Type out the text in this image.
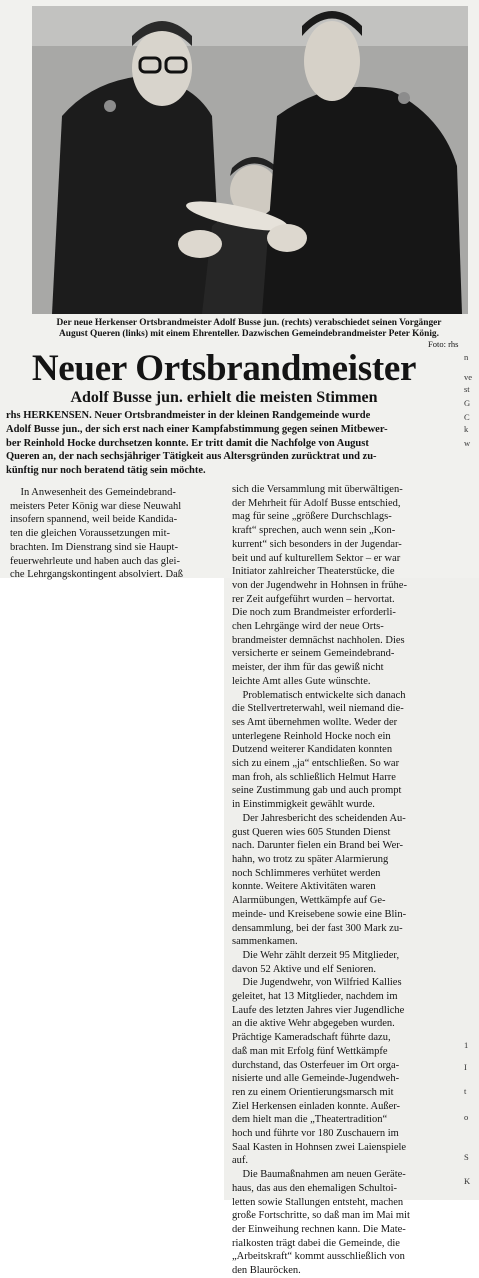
Der neue Herkenser Ortsbrandmeister Adolf Busse jun. (rechts) verabschiedet seinen Vorgänger
August Queren (links) mit einem Ehrenteller. Dazwischen Gemeindebrandmeister Peter König.
Foto: rhs
Neuer Ortsbrandmeister
Adolf Busse jun. erhielt die meisten Stimmen
rhs HERKENSEN. Neuer Ortsbrandmeister in der kleinen Randgemeinde wurde
Adolf Busse jun., der sich erst nach einer Kampfabstimmung gegen seinen Mitbewer-
ber Reinhold Hocke durchsetzen konnte. Er tritt damit die Nachfolge von August
Queren an, der nach sechsjähriger Tätigkeit aus Altersgründen zurücktrat und zu-
künftig nur noch beratend tätig sein möchte.
In Anwesenheit des Gemeindebrand-
meisters Peter König war diese Neuwahl
insofern spannend, weil beide Kandida-
ten die gleichen Voraussetzungen mit-
brachten. Im Dienstrang sind sie Haupt-
feuerwehrleute und haben auch das glei-
che Lehrgangskontingent absolviert. Daß
sich die Versammlung mit überwältigen-
der Mehrheit für Adolf Busse entschied,
mag für seine „größere Durchschlags-
kraft“ sprechen, auch wenn sein „Kon-
kurrent“ sich besonders in der Jugendar-
beit und auf kulturellem Sektor – er war
Initiator zahlreicher Theaterstücke, die
von der Jugendwehr in Hohnsen in frühe-
rer Zeit aufgeführt wurden – hervortat.
Die noch zum Brandmeister erforderli-
chen Lehrgänge wird der neue Orts-
brandmeister demnächst nachholen. Dies
versicherte er seinem Gemeindebrand-
meister, der ihm für das gewiß nicht
leichte Amt alles Gute wünschte.
Problematisch entwickelte sich danach
die Stellvertreterwahl, weil niemand die-
ses Amt übernehmen wollte. Weder der
unterlegene Reinhold Hocke noch ein
Dutzend weiterer Kandidaten konnten
sich zu einem „ja“ entschließen. So war
man froh, als schließlich Helmut Harre
seine Zustimmung gab und auch prompt
in Einstimmigkeit gewählt wurde.
Der Jahresbericht des scheidenden Au-
gust Queren wies 605 Stunden Dienst
nach. Darunter fielen ein Brand bei Wer-
hahn, wo trotz zu später Alarmierung
noch Schlimmeres verhütet werden
konnte. Weitere Aktivitäten waren
Alarmübungen, Wettkämpfe auf Ge-
meinde- und Kreisebene sowie eine Blin-
densammlung, bei der fast 300 Mark zu-
sammenkamen.
Die Wehr zählt derzeit 95 Mitglieder,
davon 52 Aktive und elf Senioren.
Die Jugendwehr, von Wilfried Kallies
geleitet, hat 13 Mitglieder, nachdem im
Laufe des letzten Jahres vier Jugendliche
an die aktive Wehr abgegeben wurden.
Prächtige Kameradschaft führte dazu,
daß man mit Erfolg fünf Wettkämpfe
durchstand, das Osterfeuer im Ort orga-
nisierte und alle Gemeinde-Jugendweh-
ren zu einem Orientierungsmarsch mit
Ziel Herkensen einladen konnte. Außer-
dem hielt man die „Theatertradition“
hoch und führte vor 180 Zuschauern im
Saal Kasten in Hohnsen zwei Laienspiele
auf.
Die Baumaßnahmen am neuen Geräte-
haus, das aus den ehemaligen Schultoi-
letten sowie Stallungen entsteht, machen
große Fortschritte, so daß man im Mai mit
der Einweihung rechnen kann. Die Mate-
rialkosten trägt dabei die Gemeinde, die
„Arbeitskraft“ kommt ausschließlich von
den Blauröcken.
n
ve
st
G
C
k
w
1
I
t
o
S
K
